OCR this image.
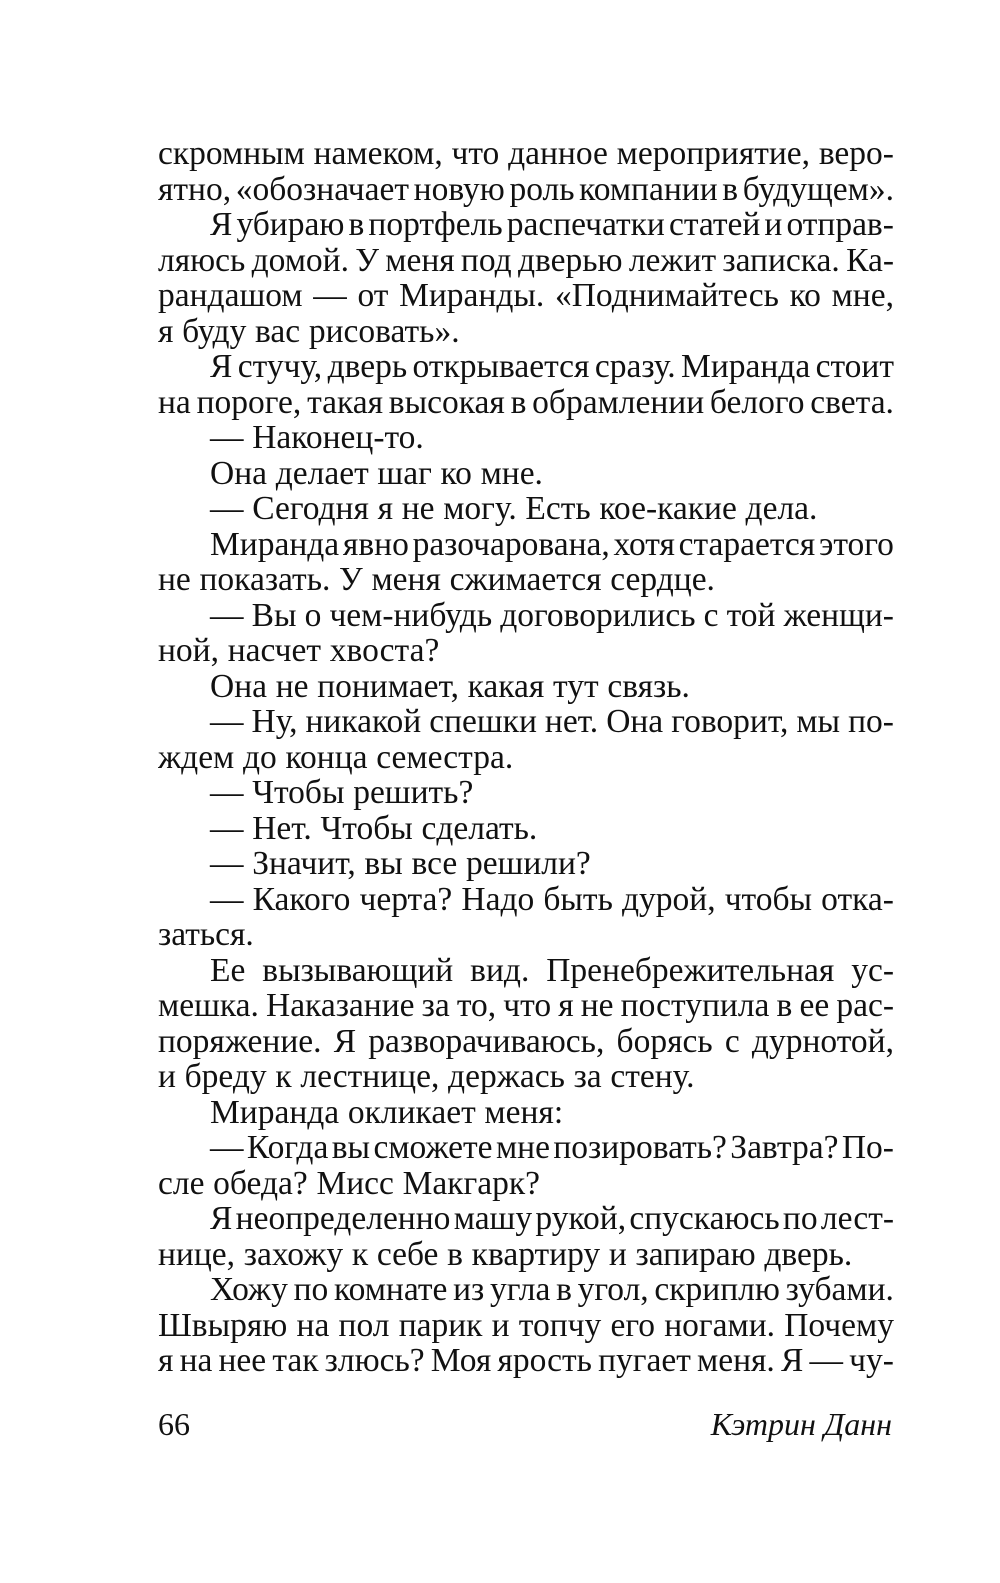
скромным намеком, что данное мероприятие, веро-
ятно, «обозначает новую роль компании в будущем».
Я убираю в портфель распечатки статей и отправ-
ляюсь домой. У меня под дверью лежит записка. Ка-
рандашом — от Миранды. «Поднимайтесь ко мне,
я буду вас рисовать».
Я стучу, дверь открывается сразу. Миранда стоит
на пороге, такая высокая в обрамлении белого света.
— Наконец-то.
Она делает шаг ко мне.
— Сегодня я не могу. Есть кое-какие дела.
Миранда явно разочарована, хотя старается этого
не показать. У меня сжимается сердце.
— Вы о чем-нибудь договорились с той женщи-
ной, насчет хвоста?
Она не понимает, какая тут связь.
— Ну, никакой спешки нет. Она говорит, мы по-
ждем до конца семестра.
— Чтобы решить?
— Нет. Чтобы сделать.
— Значит, вы все решили?
— Какого черта? Надо быть дурой, чтобы отка-
заться.
Ее вызывающий вид. Пренебрежительная ус-
мешка. Наказание за то, что я не поступила в ее рас-
поряжение. Я разворачиваюсь, борясь с дурнотой,
и бреду к лестнице, держась за стену.
Миранда окликает меня:
— Когда вы сможете мне позировать? Завтра? По-
сле обеда? Мисс Макгарк?
Я неопределенно машу рукой, спускаюсь по лест-
нице, захожу к себе в квартиру и запираю дверь.
Хожу по комнате из угла в угол, скриплю зубами.
Швыряю на пол парик и топчу его ногами. Почему
я на нее так злюсь? Моя ярость пугает меня. Я — чу-
66	Кэтрин Данн
